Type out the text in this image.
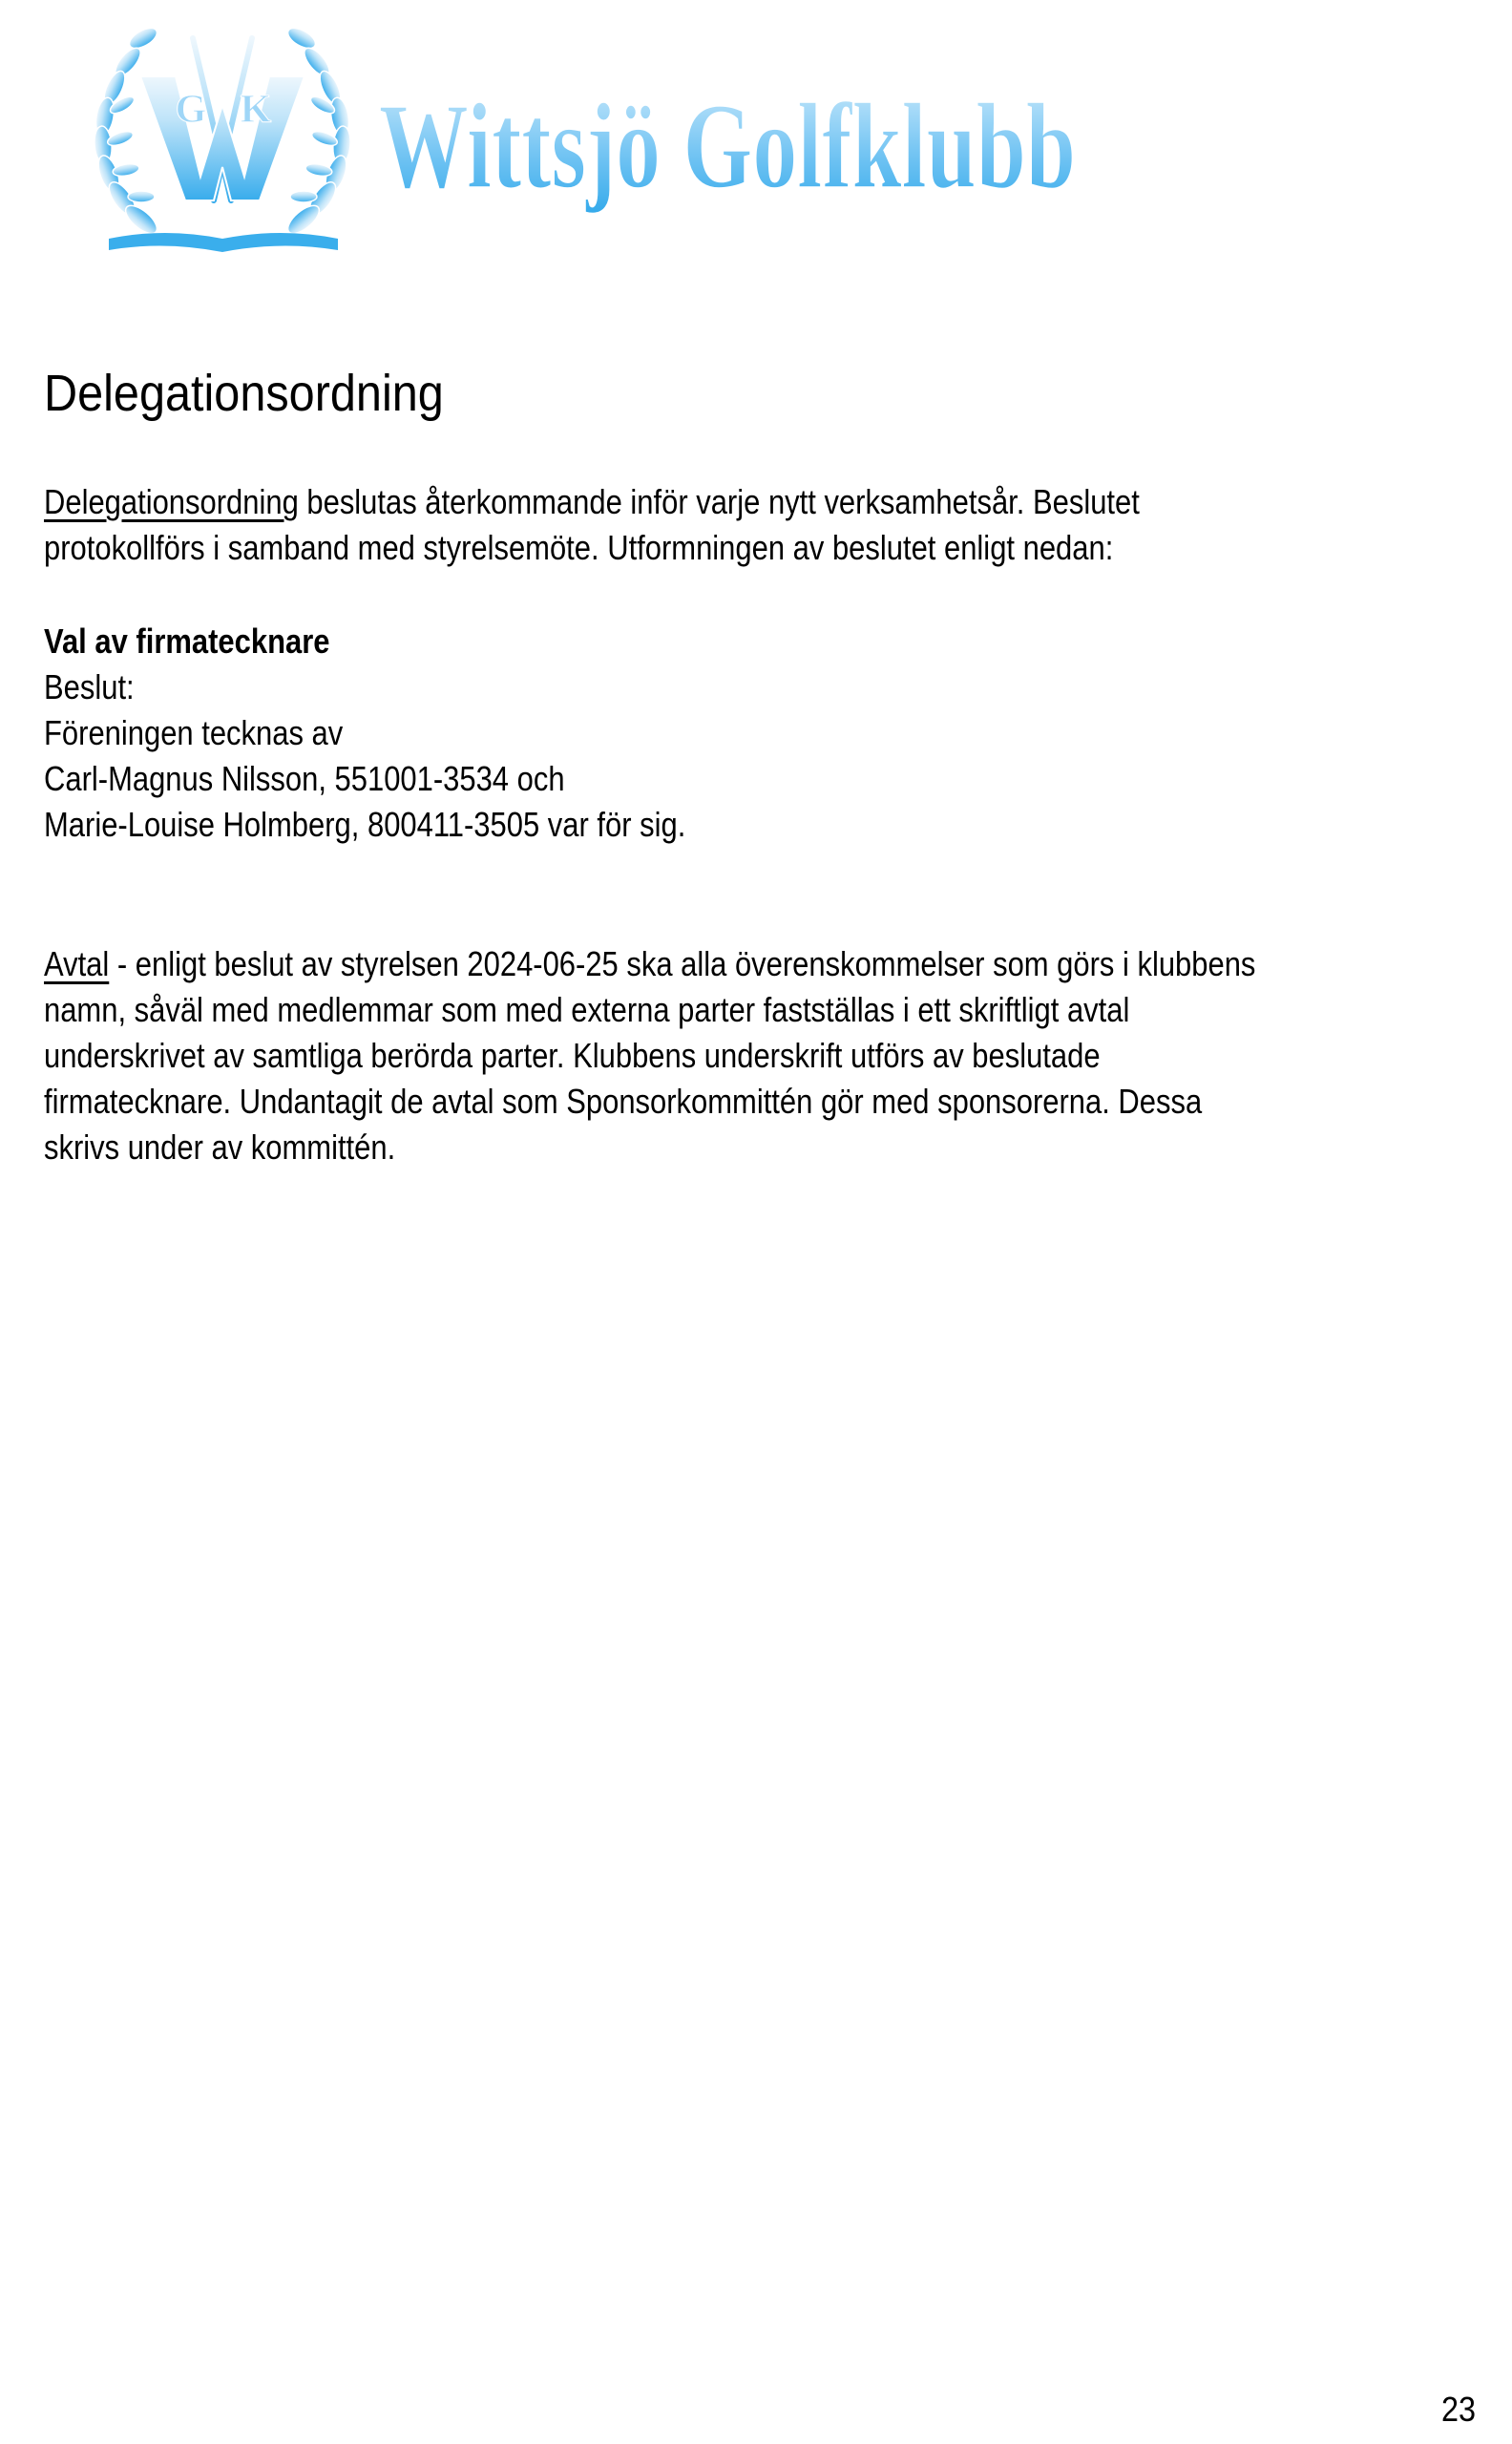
G K Wittsjö Golfklubb
Delegationsordning
Delegationsordning beslutas återkommande inför varje nytt verksamhetsår. Beslutet
protokollförs i samband med styrelsemöte. Utformningen av beslutet enligt nedan:
Val av firmatecknare
Beslut:
Föreningen tecknas av
Carl-Magnus Nilsson, 551001-3534 och
Marie-Louise Holmberg, 800411-3505 var för sig.
Avtal - enligt beslut av styrelsen 2024-06-25 ska alla överenskommelser som görs i klubbens
namn, såväl med medlemmar som med externa parter fastställas i ett skriftligt avtal
underskrivet av samtliga berörda parter. Klubbens underskrift utförs av beslutade
firmatecknare. Undantagit de avtal som Sponsorkommittén gör med sponsorerna. Dessa
skrivs under av kommittén.
23
